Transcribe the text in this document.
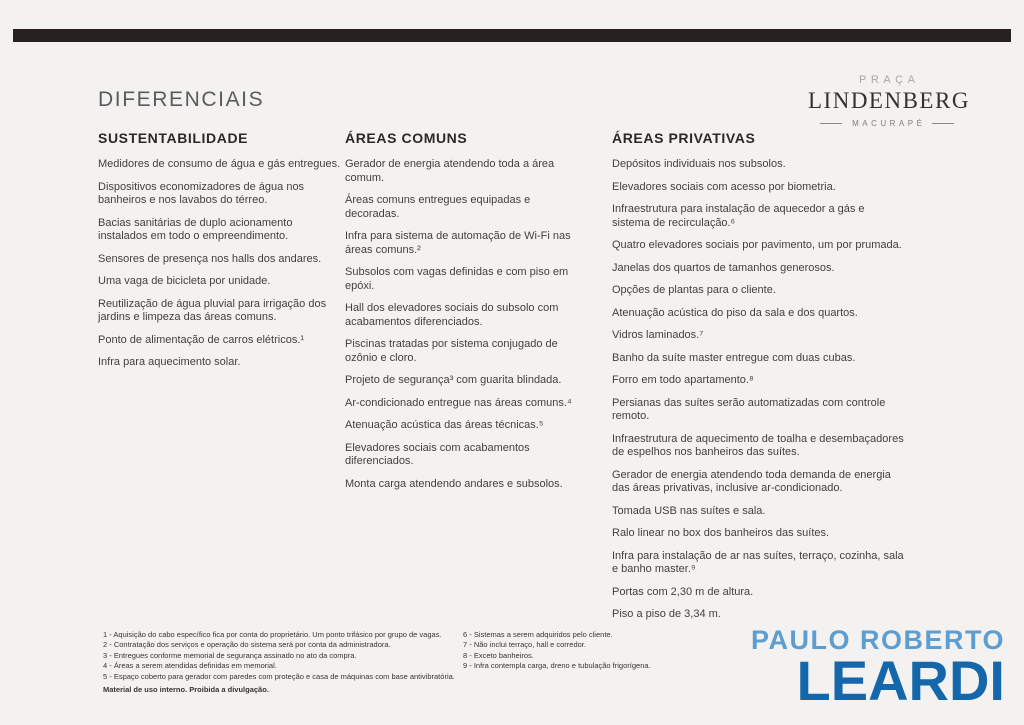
PRAÇA
LINDENBERG
MACURAPÉ
DIFERENCIAIS
SUSTENTABILIDADE

Medidores de consumo de água e gás entregues.

Dispositivos economizadores de água nos banheiros e nos lavabos do térreo.

Bacias sanitárias de duplo acionamento instalados em todo o empreendimento.

Sensores de presença nos halls dos andares.

Uma vaga de bicicleta por unidade.

Reutilização de água pluvial para irrigação dos jardins e limpeza das áreas comuns.

Ponto de alimentação de carros elétricos.¹

Infra para aquecimento solar.

ÁREAS COMUNS

Gerador de energia atendendo toda a área comum.

Áreas comuns entregues equipadas e decoradas.

Infra para sistema de automação de Wi-Fi nas áreas comuns.²

Subsolos com vagas definidas e com piso em epóxi.

Hall dos elevadores sociais do subsolo com acabamentos diferenciados.

Piscinas tratadas por sistema conjugado de ozônio e cloro.

Projeto de segurança³ com guarita blindada.

Ar-condicionado entregue nas áreas comuns.⁴

Atenuação acústica das áreas técnicas.⁵

Elevadores sociais com acabamentos diferenciados.

Monta carga atendendo andares e subsolos.

ÁREAS PRIVATIVAS

Depósitos individuais nos subsolos.

Elevadores sociais com acesso por biometria.

Infraestrutura para instalação de aquecedor a gás e sistema de recirculação.⁶

Quatro elevadores sociais por pavimento, um por prumada.

Janelas dos quartos de tamanhos generosos.

Opções de plantas para o cliente.

Atenuação acústica do piso da sala e dos quartos.

Vidros laminados.⁷

Banho da suíte master entregue com duas cubas.

Forro em todo apartamento.⁸

Persianas das suítes serão automatizadas com controle remoto.

Infraestrutura de aquecimento de toalha e desembaçadores de espelhos nos banheiros das suítes.

Gerador de energia atendendo toda demanda de energia das áreas privativas, inclusive ar-condicionado.

Tomada USB nas suítes e sala.

Ralo linear no box dos banheiros das suítes.

Infra para instalação de ar nas suítes, terraço, cozinha, sala e banho master.⁹

Portas com 2,30 m de altura.

Piso a piso de 3,34 m.

1 - Aquisição do cabo específico fica por conta do proprietário. Um ponto trifásico por grupo de vagas.

2 - Contratação dos serviços e operação do sistema será por conta da administradora.

3 - Entregues conforme memorial de segurança assinado no ato da compra.

4 - Áreas a serem atendidas definidas em memorial.

5 - Espaço coberto para gerador com paredes com proteção e casa de máquinas com base antivibratória.

Material de uso interno. Proibida a divulgação.

6 - Sistemas a serem adquiridos pelo cliente.

7 - Não inclui terraço, hall e corredor.

8 - Exceto banheiros.

9 - Infra contempla carga, dreno e tubulação frigorígena.

PAULO ROBERTO
LEARDI
